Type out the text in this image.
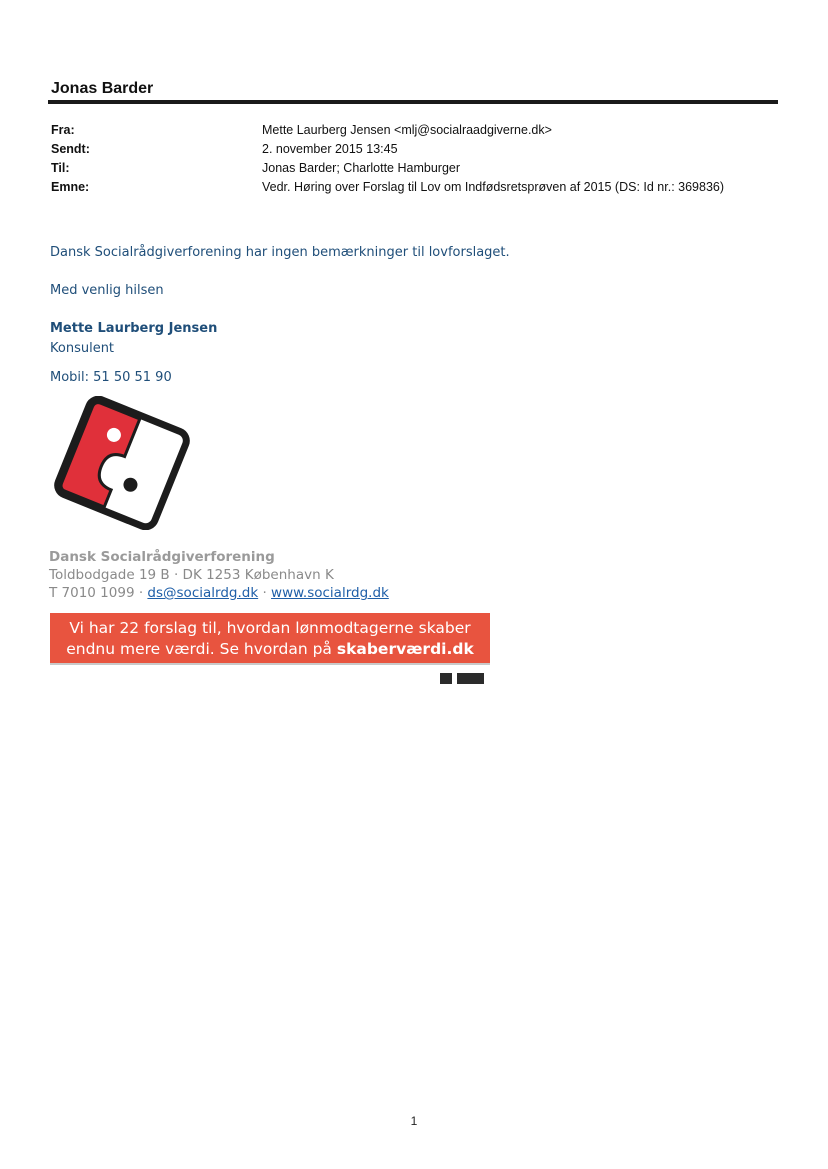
Jonas Barder
Fra:	Mette Laurberg Jensen <mlj@socialraadgiverne.dk>
Sendt:	2. november 2015 13:45
Til:	Jonas Barder; Charlotte Hamburger
Emne:	Vedr. Høring over Forslag til Lov om Indfødsretsprøven af 2015 (DS: Id nr.: 369836)
Dansk Socialrådgiverforening har ingen bemærkninger til lovforslaget.
Med venlig hilsen
Mette Laurberg Jensen
Konsulent
Mobil: 51 50 51 90
Dansk Socialrådgiverforening
Toldbodgade 19 B · DK 1253 København K
T 7010 1099 · ds@socialrdg.dk · www.socialrdg.dk
Vi har 22 forslag til, hvordan lønmodtagerne skaber
endnu mere værdi. Se hvordan på skaberværdi.dk
1
